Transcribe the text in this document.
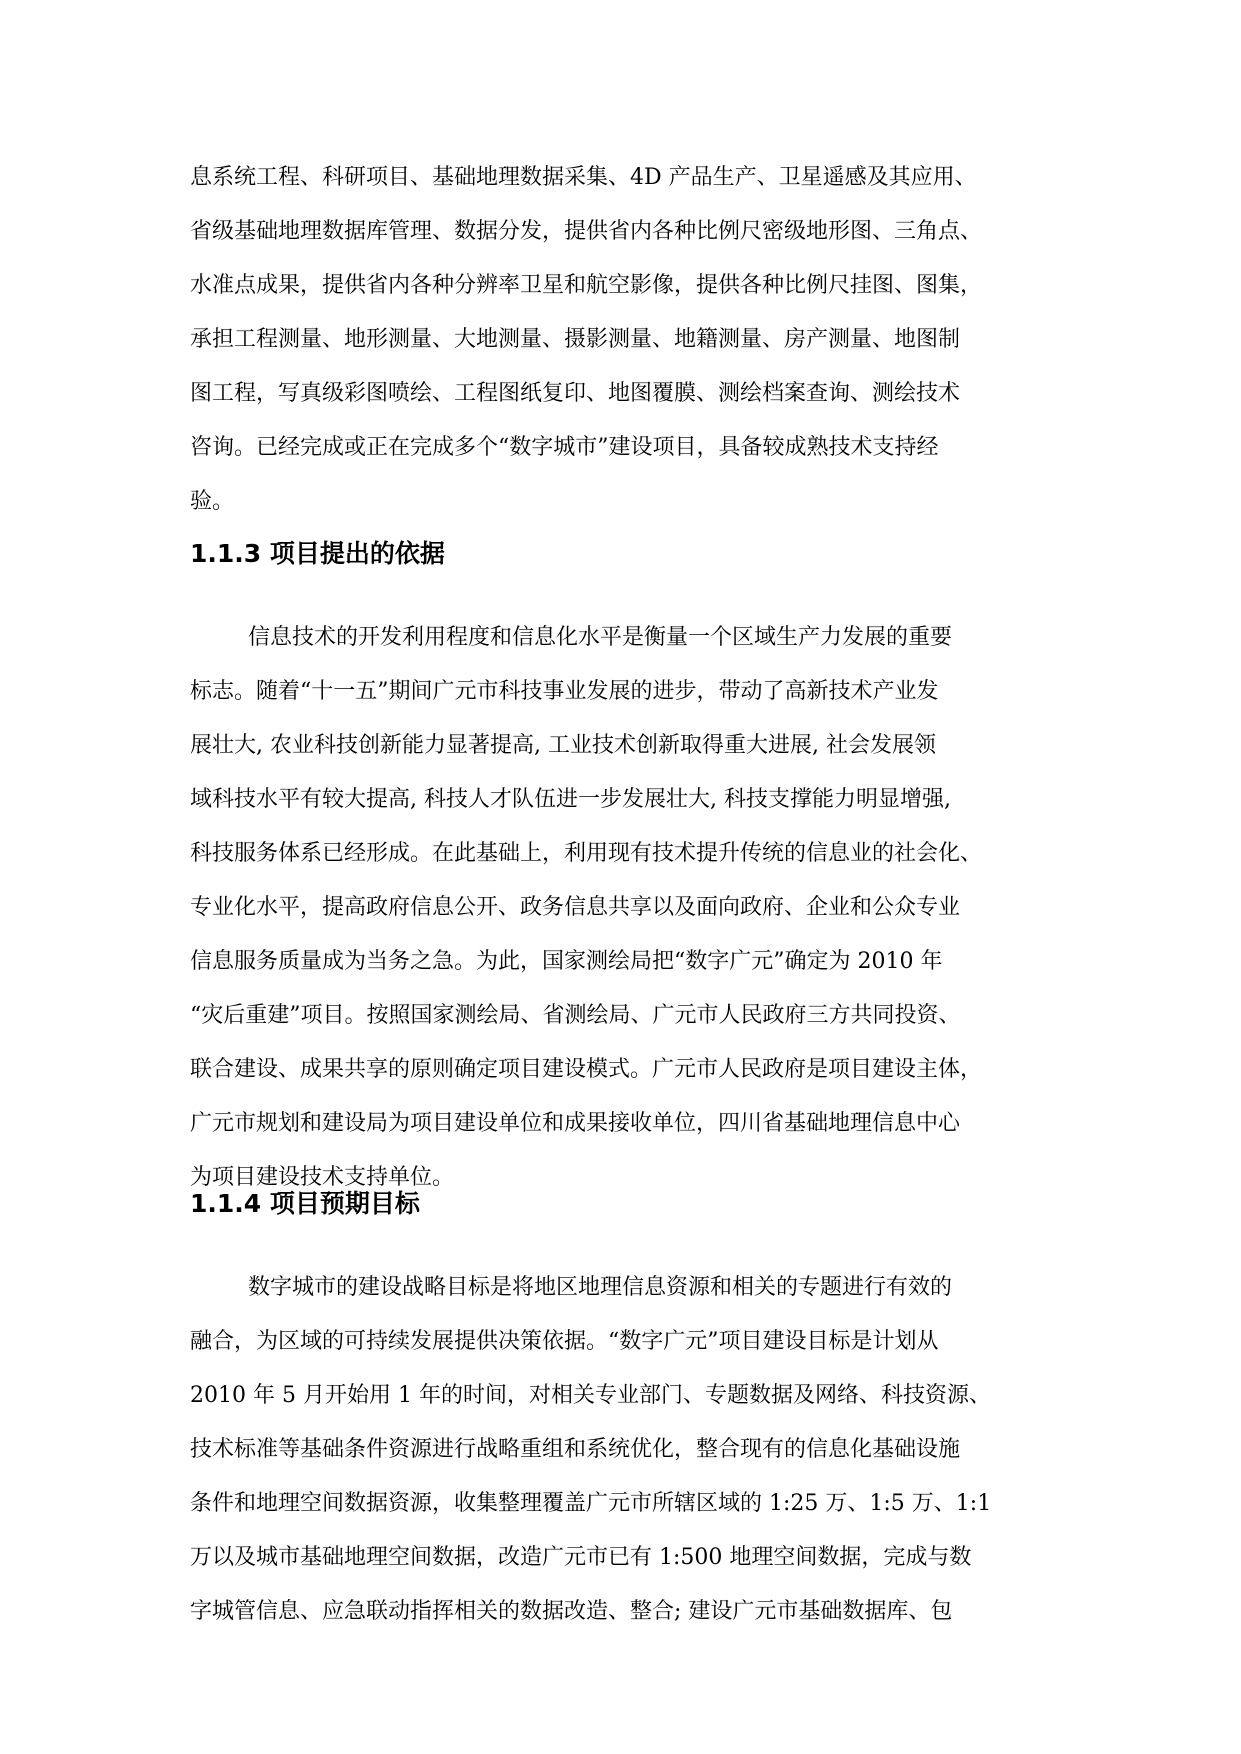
息系统工程、科研项目、基础地理数据采集、4D 产品生产、卫星遥感及其应用、
省级基础地理数据库管理、数据分发，提供省内各种比例尺密级地形图、三角点、
水准点成果，提供省内各种分辨率卫星和航空影像，提供各种比例尺挂图、图集，
承担工程测量、地形测量、大地测量、摄影测量、地籍测量、房产测量、地图制
图工程，写真级彩图喷绘、工程图纸复印、地图覆膜、测绘档案查询、测绘技术
咨询。已经完成或正在完成多个“数字城市”建设项目，具备较成熟技术支持经
验。
1.1.3 项目提出的依据
信息技术的开发利用程度和信息化水平是衡量一个区域生产力发展的重要
标志。随着“十一五”期间广元市科技事业发展的进步，带动了高新技术产业发
展壮大, 农业科技创新能力显著提高, 工业技术创新取得重大进展, 社会发展领
域科技水平有较大提高, 科技人才队伍进一步发展壮大, 科技支撑能力明显增强,
科技服务体系已经形成。在此基础上，利用现有技术提升传统的信息业的社会化、
专业化水平，提高政府信息公开、政务信息共享以及面向政府、企业和公众专业
信息服务质量成为当务之急。为此，国家测绘局把“数字广元”确定为 2010 年
“灾后重建”项目。按照国家测绘局、省测绘局、广元市人民政府三方共同投资、
联合建设、成果共享的原则确定项目建设模式。广元市人民政府是项目建设主体，
广元市规划和建设局为项目建设单位和成果接收单位，四川省基础地理信息中心
为项目建设技术支持单位。
1.1.4 项目预期目标
数字城市的建设战略目标是将地区地理信息资源和相关的专题进行有效的
融合，为区域的可持续发展提供决策依据。“数字广元”项目建设目标是计划从
2010 年 5 月开始用 1 年的时间，对相关专业部门、专题数据及网络、科技资源、
技术标准等基础条件资源进行战略重组和系统优化，整合现有的信息化基础设施
条件和地理空间数据资源，收集整理覆盖广元市所辖区域的 1:25 万、1:5 万、1:1
万以及城市基础地理空间数据，改造广元市已有 1:500 地理空间数据，完成与数
字城管信息、应急联动指挥相关的数据改造、整合; 建设广元市基础数据库、包
